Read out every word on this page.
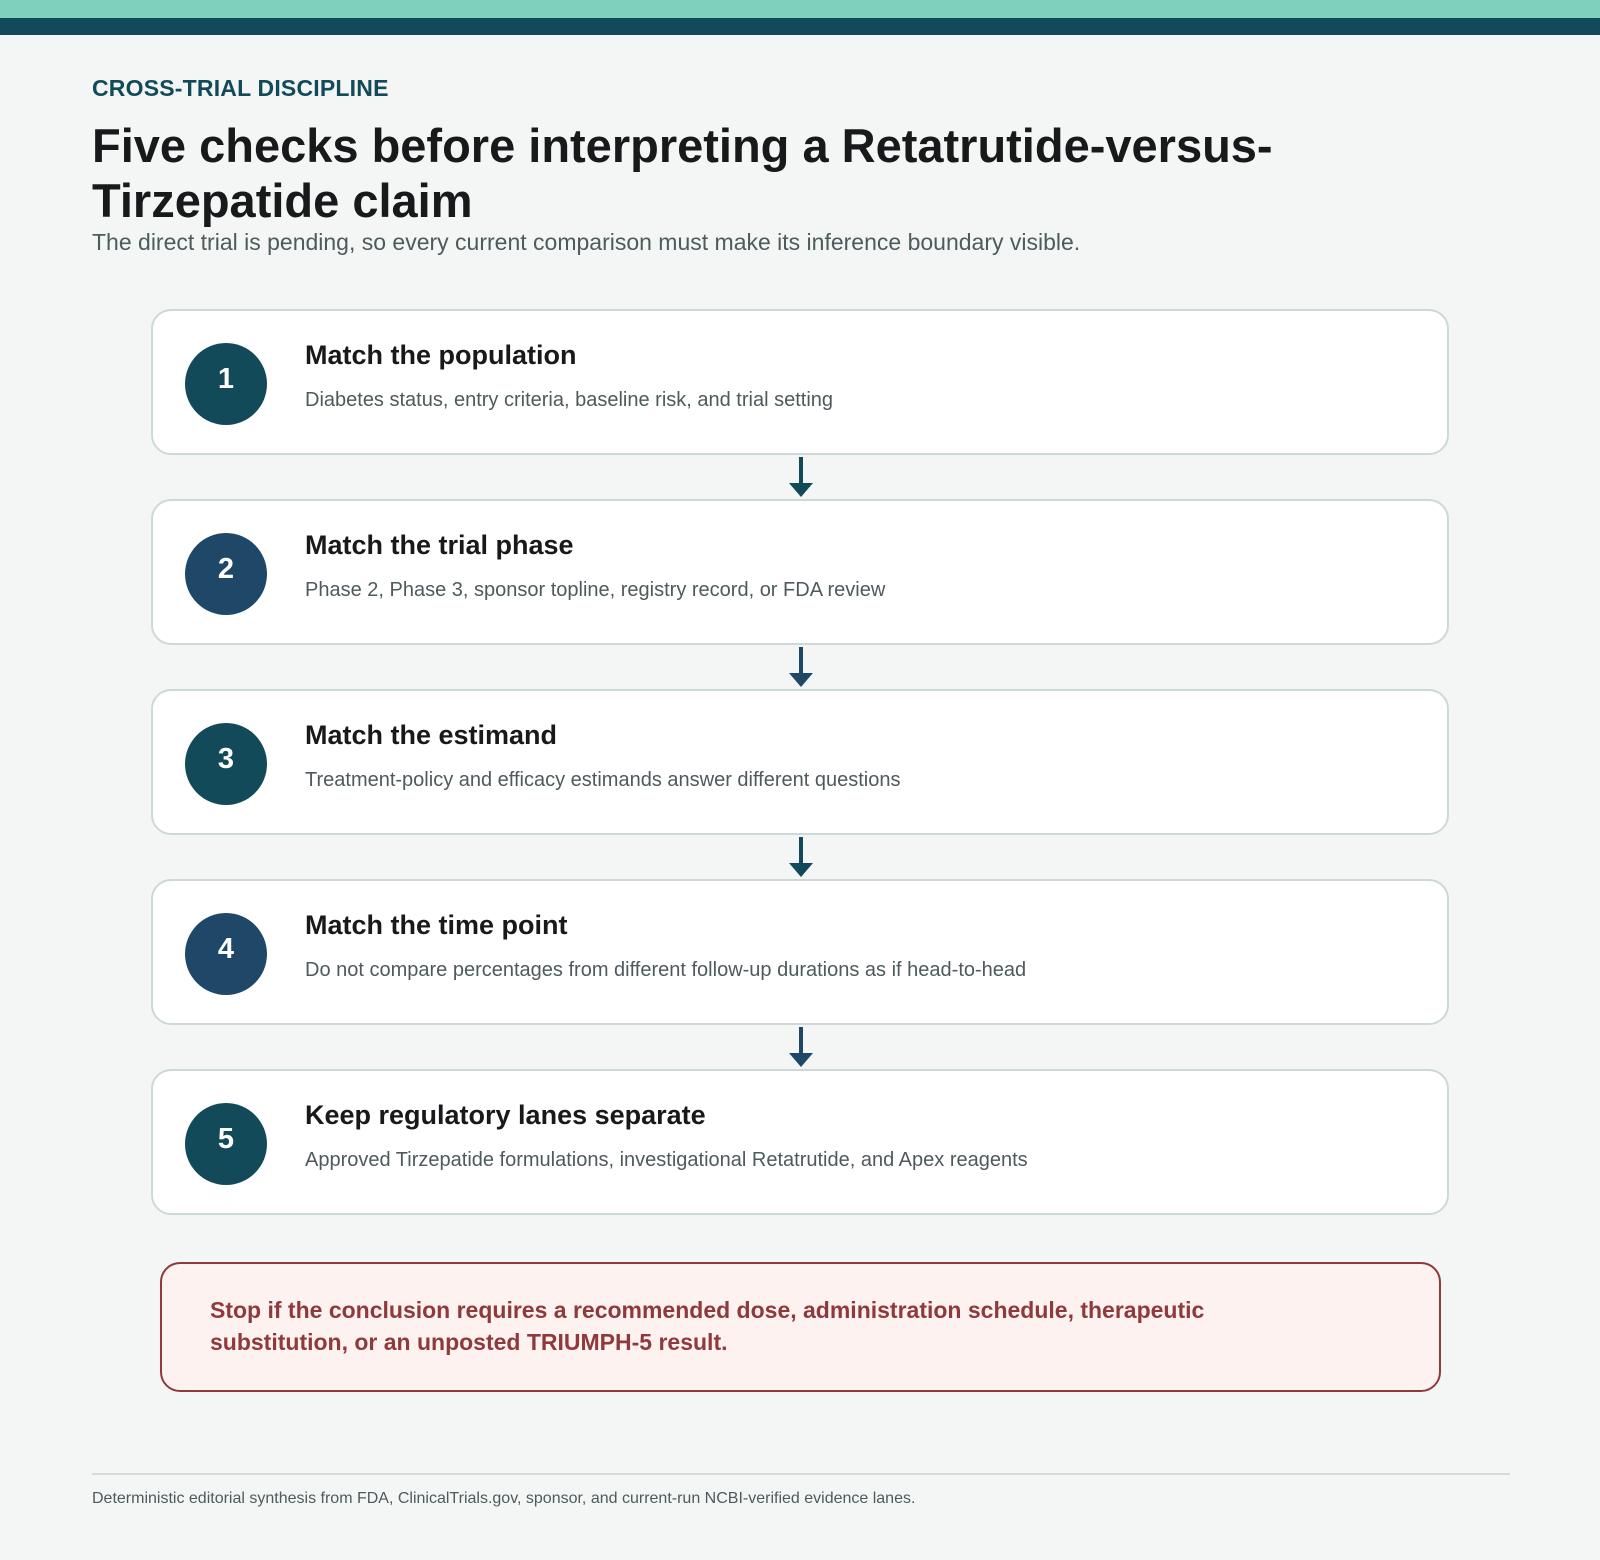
CROSS-TRIAL DISCIPLINE
Five checks before interpreting a Retatrutide-versus-Tirzepatide claim
The direct trial is pending, so every current comparison must make its inference boundary visible.
1
Match the population
Diabetes status, entry criteria, baseline risk, and trial setting
2
Match the trial phase
Phase 2, Phase 3, sponsor topline, registry record, or FDA review
3
Match the estimand
Treatment-policy and efficacy estimands answer different questions
4
Match the time point
Do not compare percentages from different follow-up durations as if head-to-head
5
Keep regulatory lanes separate
Approved Tirzepatide formulations, investigational Retatrutide, and Apex reagents
Stop if the conclusion requires a recommended dose, administration schedule, therapeutic substitution, or an unposted TRIUMPH-5 result.
Deterministic editorial synthesis from FDA, ClinicalTrials.gov, sponsor, and current-run NCBI-verified evidence lanes.
